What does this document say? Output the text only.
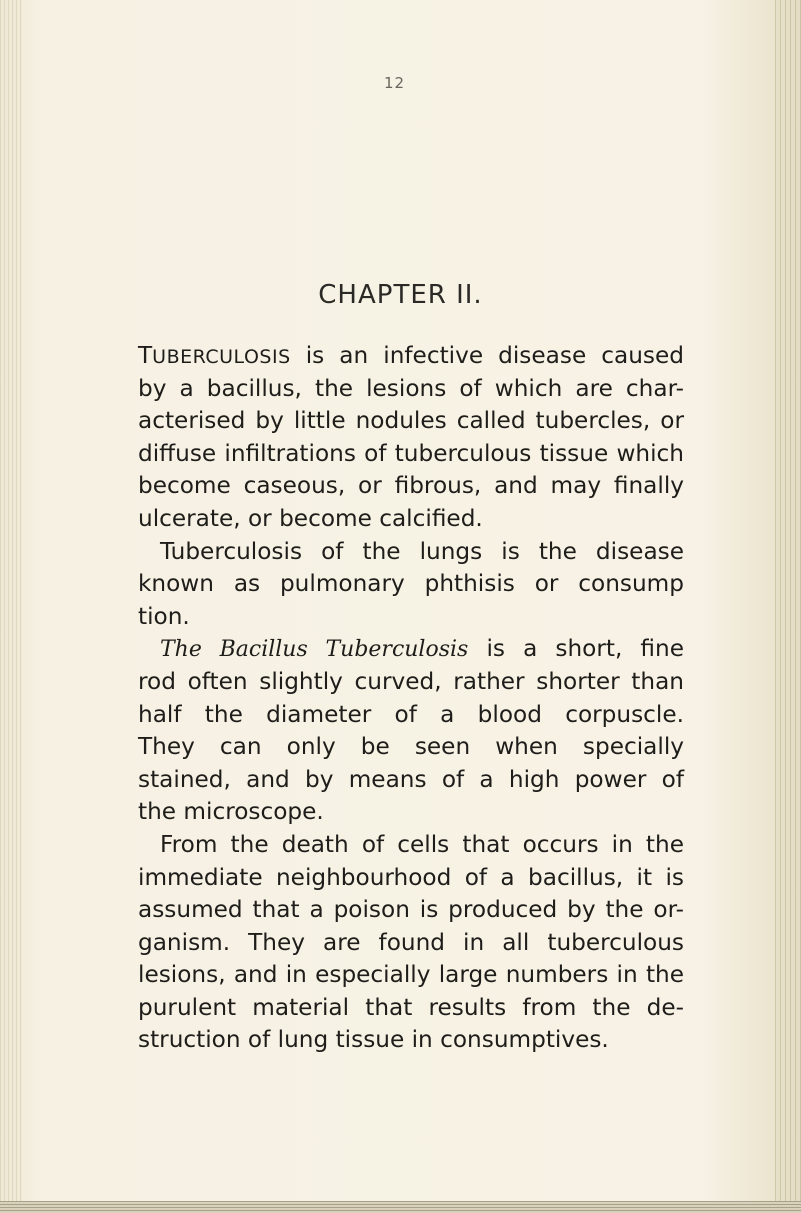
12
CHAPTER II.
TUBERCULOSIS is an infective disease caused
by a bacillus, the lesions of which are char-
acterised by little nodules called tubercles, or
diffuse infiltrations of tuberculous tissue which
become caseous, or fibrous, and may finally
ulcerate, or become calcified.
Tuberculosis of the lungs is the disease
known as pulmonary phthisis or consump
tion.
The Bacillus Tuberculosis is a short, fine
rod often slightly curved, rather shorter than
half the diameter of a blood corpuscle.
They can only be seen when specially
stained, and by means of a high power of
the microscope.
From the death of cells that occurs in the
immediate neighbourhood of a bacillus, it is
assumed that a poison is produced by the or-
ganism. They are found in all tuberculous
lesions, and in especially large numbers in the
purulent material that results from the de-
struction of lung tissue in consumptives.
